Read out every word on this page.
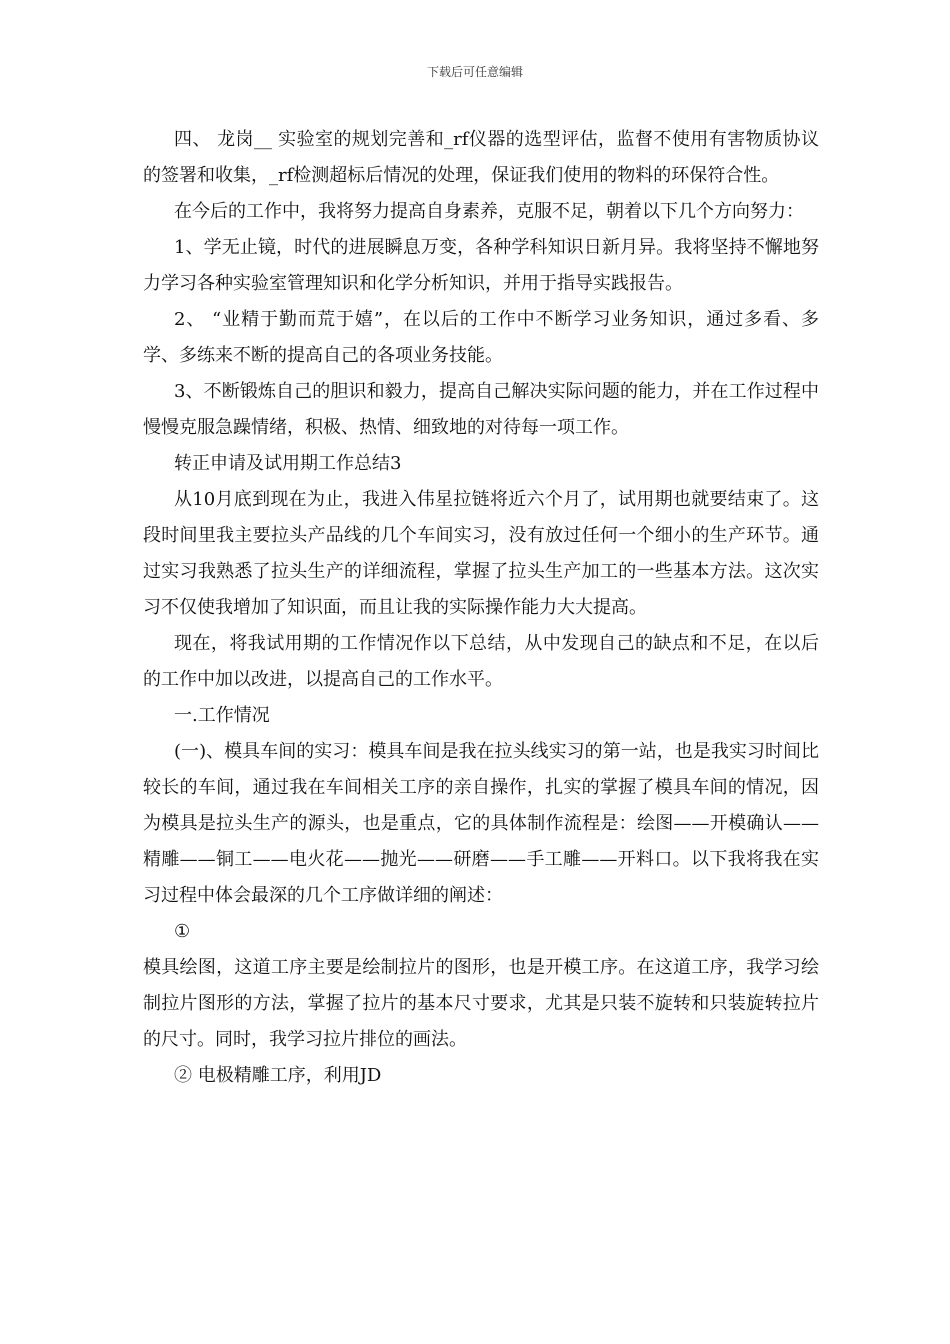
下载后可任意编辑

四、 龙岗__ 实验室的规划完善和_rf仪器的选型评估，监督不使用有害物质协议的签署和收集，_rf检测超标后情况的处理，保证我们使用的物料的环保符合性。

在今后的工作中，我将努力提高自身素养，克服不足，朝着以下几个方向努力：

1、学无止镜，时代的进展瞬息万变，各种学科知识日新月异。我将坚持不懈地努力学习各种实验室管理知识和化学分析知识，并用于指导实践报告。

2、 “业精于勤而荒于嬉”，在以后的工作中不断学习业务知识，通过多看、多学、多练来不断的提高自己的各项业务技能。

3、不断锻炼自己的胆识和毅力，提高自己解决实际问题的能力，并在工作过程中慢慢克服急躁情绪，积极、热情、细致地的对待每一项工作。

转正申请及试用期工作总结3

从10月底到现在为止，我进入伟星拉链将近六个月了，试用期也就要结束了。这段时间里我主要拉头产品线的几个车间实习，没有放过任何一个细小的生产环节。通过实习我熟悉了拉头生产的详细流程，掌握了拉头生产加工的一些基本方法。这次实习不仅使我增加了知识面，而且让我的实际操作能力大大提高。

现在，将我试用期的工作情况作以下总结，从中发现自己的缺点和不足，在以后的工作中加以改进，以提高自己的工作水平。

一.工作情况

(一)、模具车间的实习：模具车间是我在拉头线实习的第一站，也是我实习时间比较长的车间，通过我在车间相关工序的亲自操作，扎实的掌握了模具车间的情况，因为模具是拉头生产的源头，也是重点，它的具体制作流程是：绘图——开模确认——精雕——铜工——电火花——抛光——研磨——手工雕——开料口。以下我将我在实习过程中体会最深的几个工序做详细的阐述：

①

模具绘图，这道工序主要是绘制拉片的图形，也是开模工序。在这道工序，我学习绘制拉片图形的方法，掌握了拉片的基本尺寸要求，尤其是只装不旋转和只装旋转拉片的尺寸。同时，我学习拉片排位的画法。

② 电极精雕工序，利用JD
